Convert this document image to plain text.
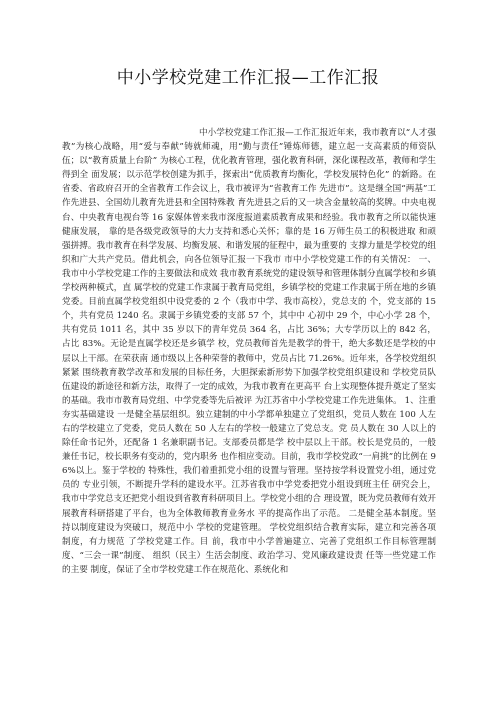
中小学校党建工作汇报—工作汇报
中小学校党建工作汇报—工作汇报近年来，我市教育以“人才强教”为核心战略，用“爱与奉献”铸就师魂，用“勤与责任”锤炼师德，建立起一支高素质的师资队伍；以“教育质量上台阶” 为核心工程，优化教育管理，强化教育科研，深化课程改革，教师和学生得到全 面发展；以示范学校创建为抓手，探索出“优质教育均衡化，学校发展特色化” 的新路。在省委、省政府召开的全省教育工作会议上，我市被评为“省教育工作 先进市”。这是继全国“两基”工作先进县、全国幼儿教育先进县和全国特殊教 育先进县之后的又一块含金量较高的奖牌。中央电视台、中央教育电视台等 16 家媒体曾来我市深度报道素质教育成果和经验。我市教育之所以能快速健康发展， 靠的是各级党政领导的大力支持和悉心关怀；靠的是 16 万师生员工的积极进取 和顽强拼搏。我市教育在科学发展、均衡发展、和谐发展的征程中，最为重要的 支撑力量是学校党的组织和广大共产党员。借此机会，向各位领导汇报一下我市 市中小学校党建工作的有关情况： 一、我市中小学校党建工作的主要做法和成效 我市教育系统党的建设领导和管理体制分直属学校和乡镇学校两种模式，直 属学校的党建工作隶属于教育局党组，乡镇学校的党建工作隶属于所在地的乡镇 党委。目前直属学校党组织中设党委的 2 个（我市中学、我市高校），党总支的 个，党支部的 15 个，共有党员 1240 名。隶属于乡镇党委的支部 57 个，其中中 心初中 29 个，中心小学 28 个，共有党员 1011 名，其中 35 岁以下的青年党员 364 名，占比 36%；大专学历以上的 842 名，占比 83%。无论是直属学校还是乡镇学 校，党员教师首先是教学的骨干，绝大多数还是学校的中层以上干部。在荣获南 通市级以上各种荣誉的教师中，党员占比 71.26%。近年来，各学校党组织紧紧 围绕教育教学改革和发展的目标任务，大胆探索新形势下加强学校党组织建设和 学校党员队伍建设的新途径和新方法，取得了一定的成效，为我市教育在更高平 台上实现整体提升奠定了坚实的基础。我市市教育局党组、中学党委等先后被评 为江苏省中小学校党建工作先进集体。 1、注重夯实基础建设 一是健全基层组织。独立建制的中小学都单独建立了党组织，党员人数在 100 人左右的学校建立了党委，党员人数在 50 人左右的学校一般建立了党总支。党 员人数在 30 人以上的除任命书记外，还配备 1 名兼职副书记。支部委员都是学 校中层以上干部。校长是党员的，一般兼任书记，校长职务有变动的，党内职务 也作相应变动。目前，我市学校党政“一肩挑”的比例在 96%以上。鉴于学校的 特殊性，我们着重抓党小组的设置与管理。坚持按学科设置党小组，通过党员的 专业引领，不断提升学科的建设水平。江苏省我市中学党委把党小组设到班主任 研究会上，我市中学党总支还把党小组设到省教育科研项目上。学校党小组的合 理设置，既为党员教师有效开展教育科研搭建了平台，也为全体教师教育业务水 平的提高作出了示范。 二是健全基本制度。坚持以制度建设为突破口，规范中小 学校的党建管理。 学校党组织结合教育实际，建立和完善各项制度，有力规范 了学校党建工作。目 前，我市中小学普遍建立、完善了党组织工作目标管理制 度、“三会一课”制度、 组织（民主）生活会制度、政治学习、党风廉政建设责 任等一些党建工作的主要 制度，保证了全市学校党建工作在规范化、系统化和
